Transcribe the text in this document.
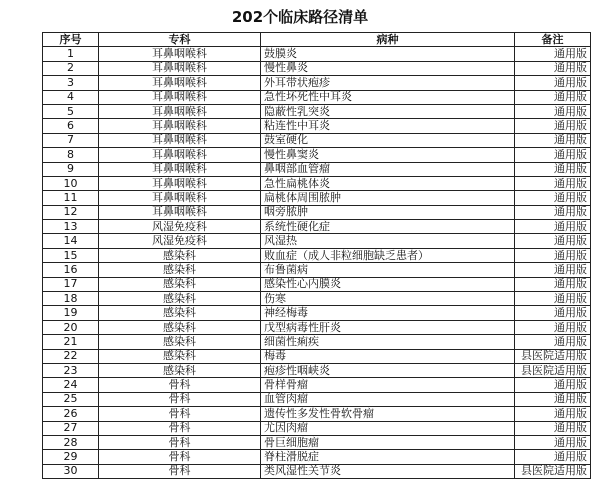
202个临床路径清单
序号	专科	病种	备注
1	耳鼻咽喉科	鼓膜炎	通用版
2	耳鼻咽喉科	慢性鼻炎	通用版
3	耳鼻咽喉科	外耳带状疱疹	通用版
4	耳鼻咽喉科	急性坏死性中耳炎	通用版
5	耳鼻咽喉科	隐蔽性乳突炎	通用版
6	耳鼻咽喉科	粘连性中耳炎	通用版
7	耳鼻咽喉科	鼓室硬化	通用版
8	耳鼻咽喉科	慢性鼻窦炎	通用版
9	耳鼻咽喉科	鼻咽部血管瘤	通用版
10	耳鼻咽喉科	急性扁桃体炎	通用版
11	耳鼻咽喉科	扁桃体周围脓肿	通用版
12	耳鼻咽喉科	咽旁脓肿	通用版
13	风湿免疫科	系统性硬化症	通用版
14	风湿免疫科	风湿热	通用版
15	感染科	败血症（成人非粒细胞缺乏患者）	通用版
16	感染科	布鲁菌病	通用版
17	感染科	感染性心内膜炎	通用版
18	感染科	伤寒	通用版
19	感染科	神经梅毒	通用版
20	感染科	戊型病毒性肝炎	通用版
21	感染科	细菌性痢疾	通用版
22	感染科	梅毒	县医院适用版
23	感染科	疱疹性咽峡炎	县医院适用版
24	骨科	骨样骨瘤	通用版
25	骨科	血管肉瘤	通用版
26	骨科	遗传性多发性骨软骨瘤	通用版
27	骨科	尤因肉瘤	通用版
28	骨科	骨巨细胞瘤	通用版
29	骨科	脊柱滑脱症	通用版
30	骨科	类风湿性关节炎	县医院适用版
